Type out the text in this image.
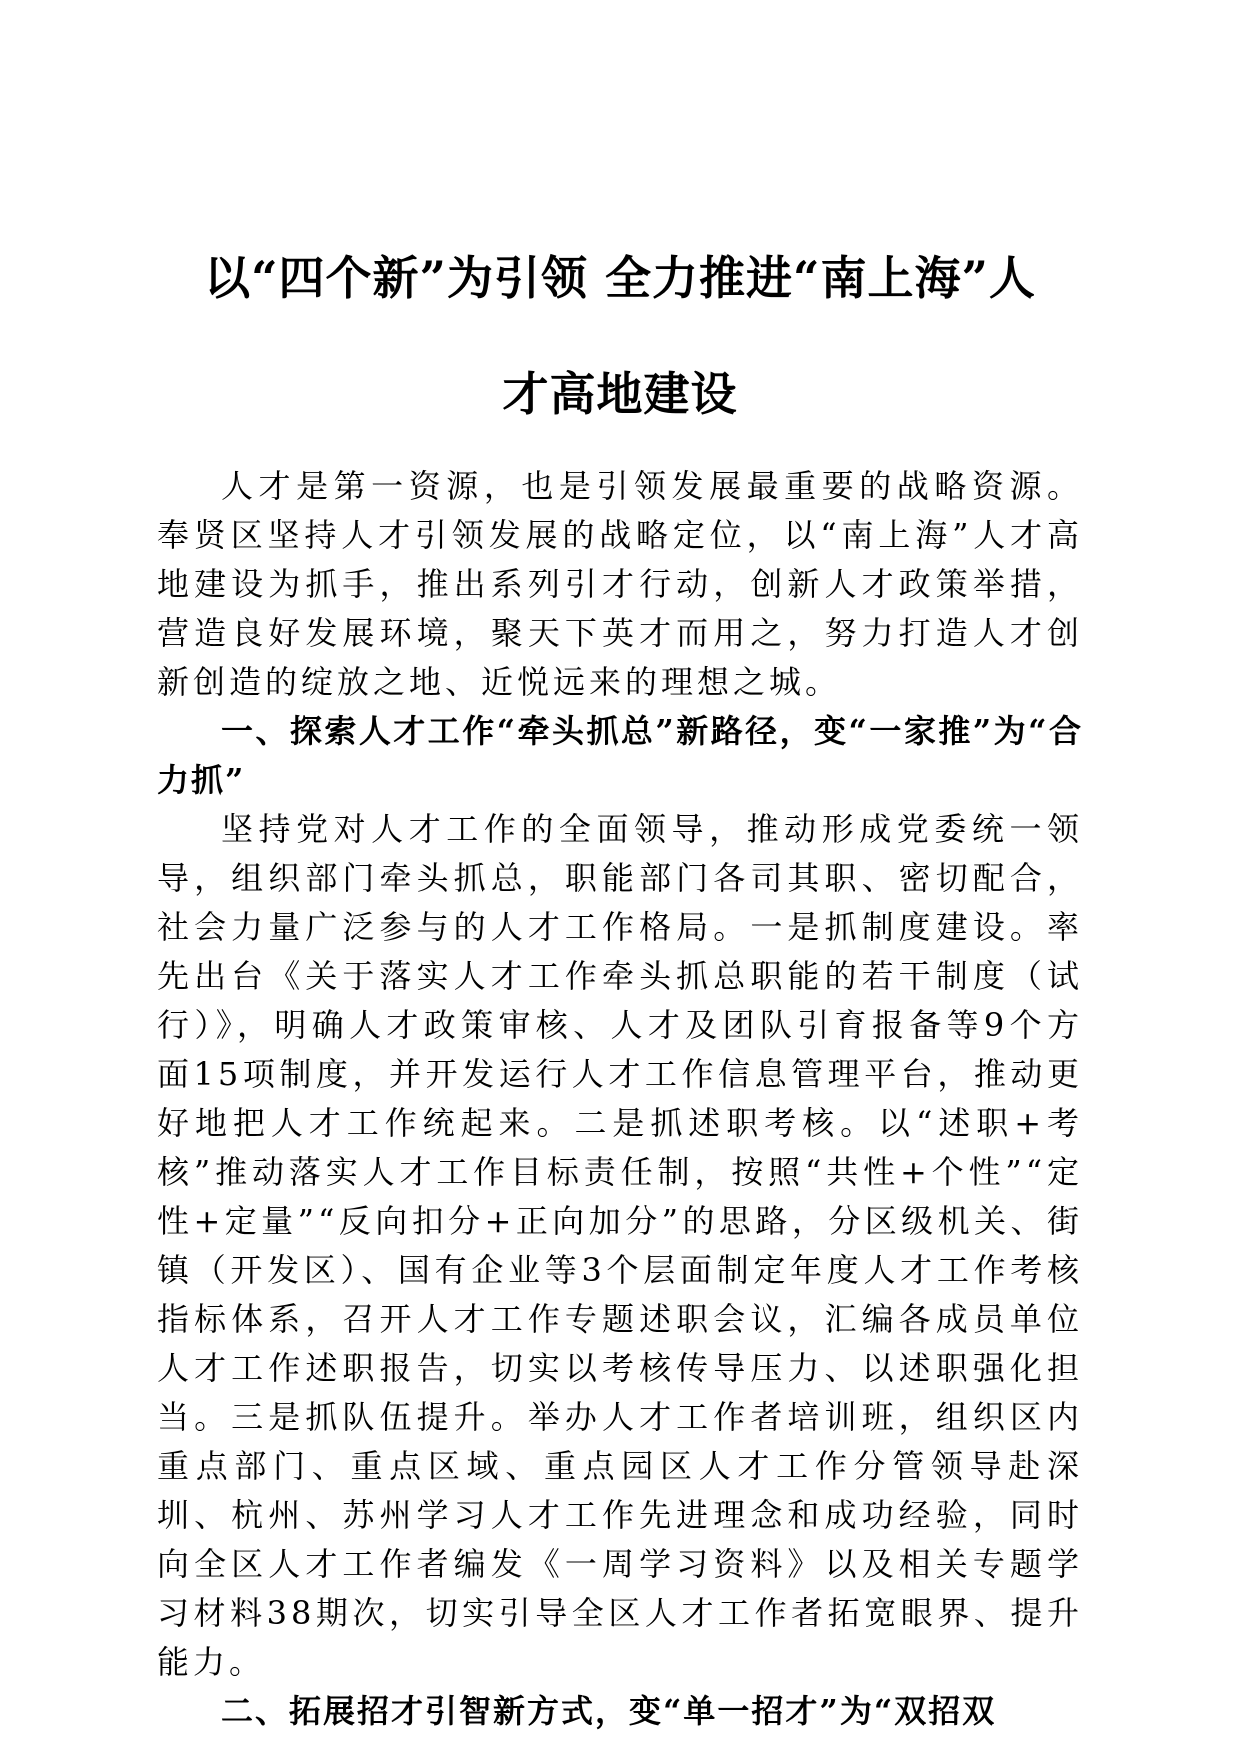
以“四个新”为引领 全力推进“南上海”人
才高地建设

人才是第一资源，也是引领发展最重要的战略资源。奉贤区坚持人才引领发展的战略定位，以“南上海”人才高地建设为抓手，推出系列引才行动，创新人才政策举措，营造良好发展环境，聚天下英才而用之，努力打造人才创新创造的绽放之地、近悦远来的理想之城。

一、探索人才工作“牵头抓总”新路径，变“一家推”为“合力抓”

坚持党对人才工作的全面领导，推动形成党委统一领导，组织部门牵头抓总，职能部门各司其职、密切配合，社会力量广泛参与的人才工作格局。一是抓制度建设。率先出台《关于落实人才工作牵头抓总职能的若干制度（试行）》，明确人才政策审核、人才及团队引育报备等9个方面15项制度，并开发运行人才工作信息管理平台，推动更好地把人才工作统起来。二是抓述职考核。以“述职+考核”推动落实人才工作目标责任制，按照“共性+个性”“定性+定量”“反向扣分+正向加分”的思路，分区级机关、街镇（开发区）、国有企业等3个层面制定年度人才工作考核指标体系，召开人才工作专题述职会议，汇编各成员单位人才工作述职报告，切实以考核传导压力、以述职强化担当。三是抓队伍提升。举办人才工作者培训班，组织区内重点部门、重点区域、重点园区人才工作分管领导赴深圳、杭州、苏州学习人才工作先进理念和成功经验，同时向全区人才工作者编发《一周学习资料》以及相关专题学习材料38期次，切实引导全区人才工作者拓宽眼界、提升能力。

二、拓展招才引智新方式，变“单一招才”为“双招双
